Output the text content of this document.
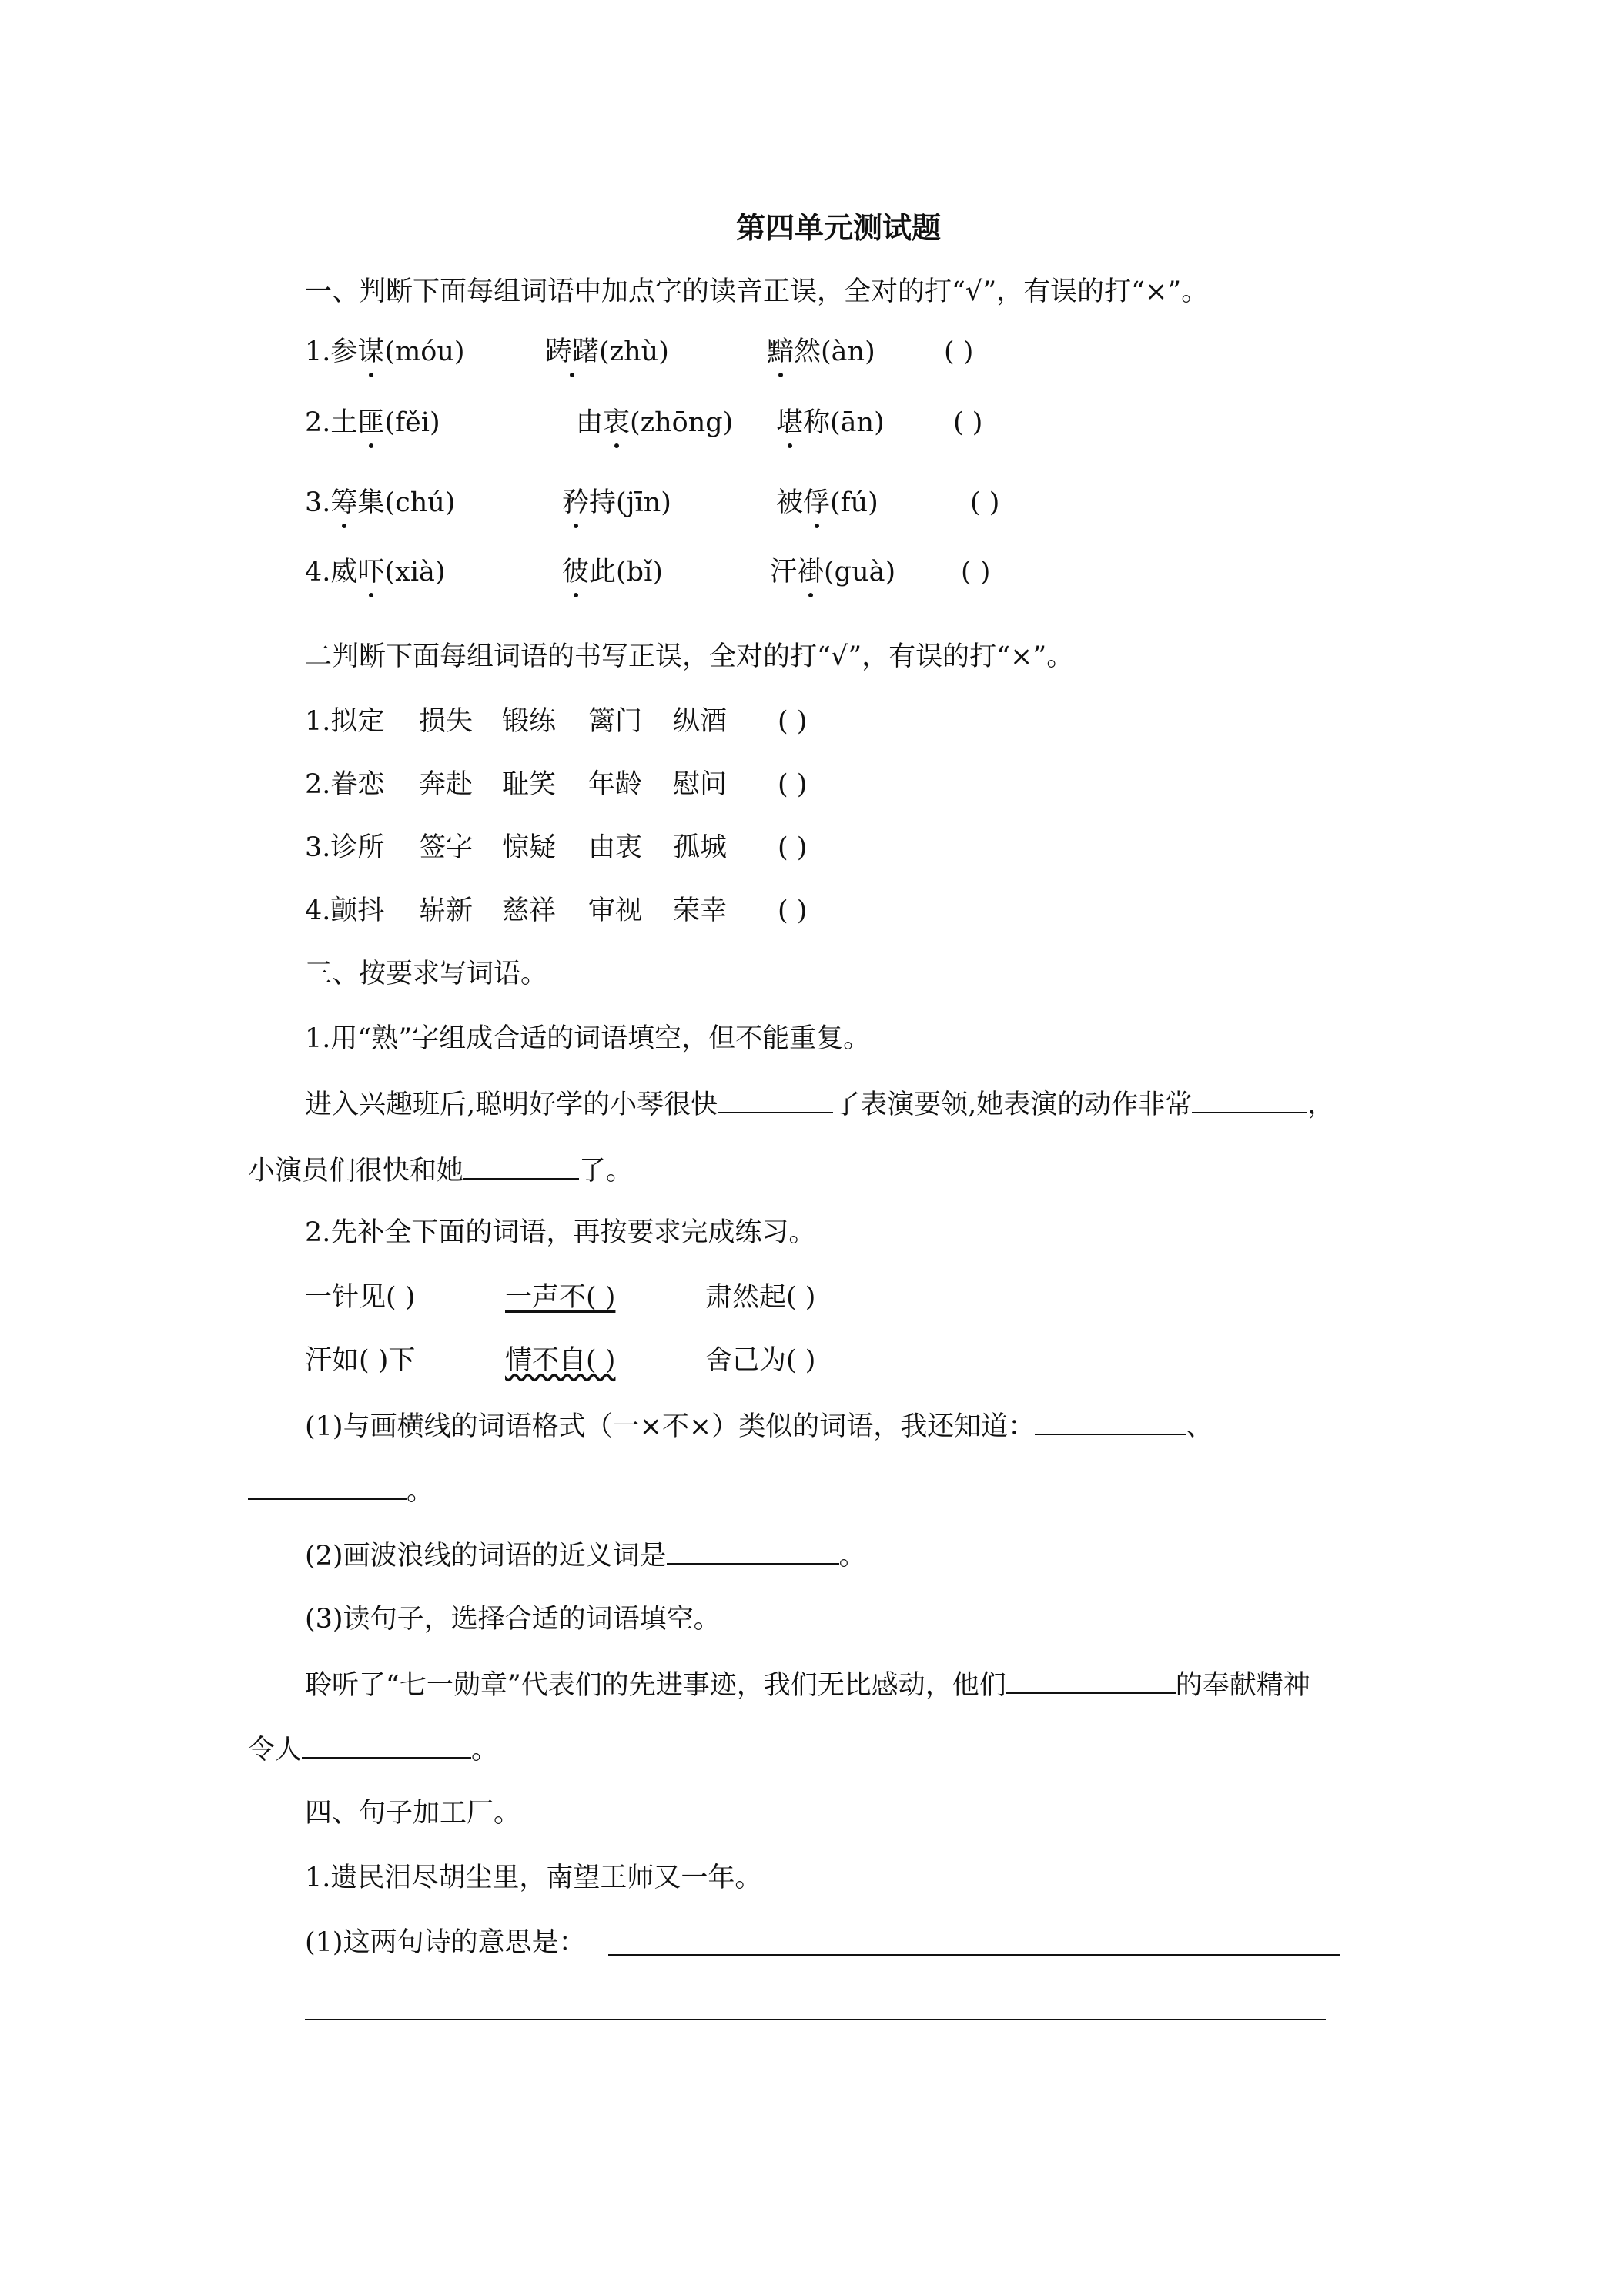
第四单元测试题
一、判断下面每组词语中加点字的读音正误，全对的打“√”，有误的打“×”。
1.参谋(móu)	踌躇(zhù)	黯然(àn)	( )
2.土匪(fěi)	由衷(zhōng) 堪称(ān)	( )
3.筹集(chú)	矜持(jīn)	被俘(fú)	( )
4.威吓(xià)	彼此(bǐ)	汗褂(guà) ( )
二判断下面每组词语的书写正误，全对的打“√”，有误的打“×”。
1.拟定 损失 锻练 篱门 纵酒 ( )
2.眷恋 奔赴 耻笑 年龄 慰问 ( )
3.诊所 签字 惊疑 由衷 孤城 ( )
4.颤抖 崭新 慈祥 审视 荣幸 ( )
三、按要求写词语。
1.用“熟”字组成合适的词语填空，但不能重复。
进入兴趣班后,聪明好学的小琴很快	了表演要领,她表演的动作非常	，
小演员们很快和她	了。
2.先补全下面的词语，再按要求完成练习。
一针见( )	一声不( )	肃然起( )
汗如( )下	情不自( )	舍己为( )
(1)与画横线的词语格式（一×不×）类似的词语，我还知道：	、
。
(2)画波浪线的词语的近义词是	。
(3)读句子，选择合适的词语填空。
聆听了“七一勋章”代表们的先进事迹，我们无比感动，他们	的奉献精神
令人	。
四、句子加工厂。
1.遗民泪尽胡尘里，南望王师又一年。
(1)这两句诗的意思是：
